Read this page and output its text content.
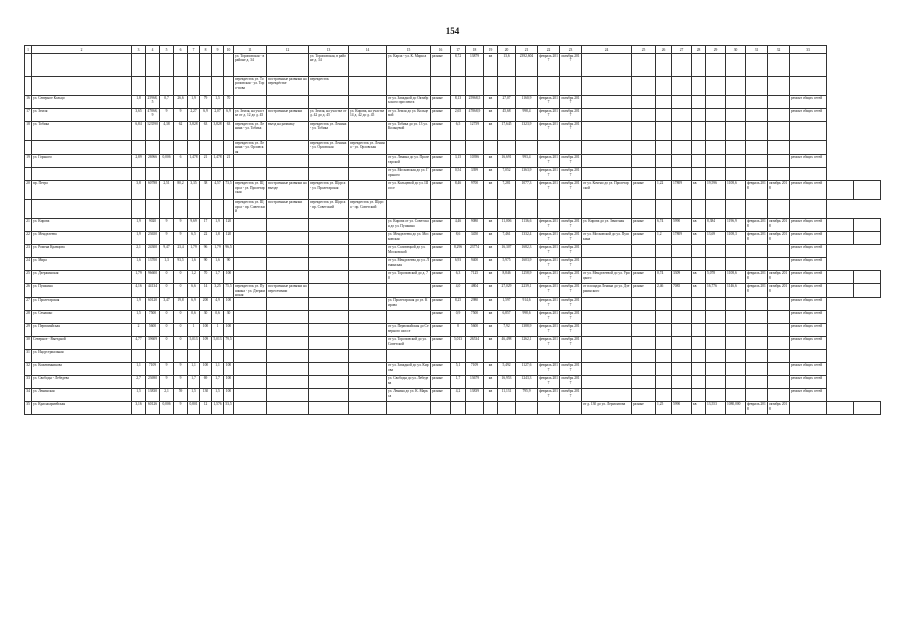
154
1	2	3	4	5	6	7	8	9	10	11	12	13	14	15	16	17	18	19	20	21	22	23	24	25	26	27	28	29	30	31	32	33		
										ул. Тороповская - в районе д. 34		ул. Тороповская, в районе д. 34		ул. Карла - ул. К. Маркса	разные	8,72	13879	кв	13,6	2392,604	февраль 2017	октябрь 2017												
										перекресток ул. Тороповская - ул. Тоpо-пова	построенные развязки на перекрёстке	перекресток																						
16	ул. Северное Кольцо	1,8	25968,5	0,7	26,6	1,9	79	1,5	70					от ул. Западной до Октябрьского проспекта	разные	8,13	25968,5	кв	27,07	1160,9	февраль 2017	октябрь 2017										ремонт общих сетей		
17	ул. Земля	3,65	47868,9	9	9	2,27	6,9	2,07	6,9	ул. Земля, на участке от д. 12 до д. 45	построенные развязки	ул. Земля, на участке от д. 42 до д. 45	ул. Кирова, на участке 14 д. 42 до д. 45	от ул. Земля до ул. Кольцевой	разные	2,65	47868,9	кв	45,68	998,4	февраль 2017	октябрь 2017										ремонт общих сетей		
18	ул. Тобика	6,84	123590	4,38	62	3,828	63	3,828	63	перекресток ул. Ленина - ул. Тобика	въезд на развязку	перекресток ул. Ленина - ул. Тобика		от ул. Тобика до ул. 13 ул. Кольцевой	разные	6,5	12759	кв	17,645	1323,9	февраль 2017	октябрь 2017												
										перекресток ул. Ленина - ул. Орловская		перекресток ул. Ленина - ул. Орловская	перекресток ул. Ленина - ул. Орловская																					
19	ул. Горького	2,89	26966	0,006	6	1,478	21	1,478	21					от ул. Ленина до ул. Пролетарской	разные	3,15	10396	кв	16,691	993,4	февраль 2017	октябрь 2017										ремонт общих сетей		
														от ул. Московская до ул. Горького	разные	0,54	3399	кв	7,052	1363,9	февраль 2017	октябрь 2017												
20	пр. Петра	3,8	60788	2,51	80,2	3,35	38	4,57	73,5	перекресток ул. Щорса - ул. Пролетарская	построенные развязки на въезде	перекресток ул. Щорса - ул. Пролетарская		от ул. Кольцевой до ул. Шоссе	разные	8,46	9700	кв	7,281	1077,3	февраль 2017	октябрь 2017	от ул. Кочено до ул. Пролетарской	разные	1,22	17809	кв	19,596	1108,6	февраль 2018	октябрь 2018	ремонт общих сетей		
										перекресток ул. Щорса - пр. Советский	построенные развязки	перекресток ул. Щорса - пр. Советский	перекресток ул. Щорса - пр. Советский																					
21	ул. Кирова	1,9	9020	9	9	9,69	17	1,9	120					ул. Кирова от ул. Советская до ул. Пушкина	разные	4,46	9080	кв	11,006	1136,6	февраль 2017	октябрь 2017	ул. Кирова до ул. Зенитная	разные	6,74	5990	кв	8,384	1196,9	февраль 2018	октябрь 2018	ремонт общих сетей		
22	ул. Менделеева	1,9	23650	9	9	6,5	22	1,8	120					ул. Менделеева до ул. Московская	разные	8,6	3450	кв	7,461	1332,4	февраль 2017	октябрь 2017	от ул. Московской до ул. Пушкина	разные	1,2	17809	кв	13,69	1108,3	февраль 2018	октябрь 2018	ремонт общих сетей		
23	ул. Ромена Кравцова	2,1	24300	9,47	23,4	1,79	96	1,79	96,5					от ул. Соловецкой до ул. Московской	разные	8,296	23774	кв	16,307	1682,3	февраль 2017	октябрь 2017										ремонт общих сетей		
24	ул. Мира	1,6	13700	1,3	93,5	1,6	90	1,6	90					от ул. Менделеева до ул. Ленинская	разные	6,93	9400	кв	5,975	1603,9	февраль 2017	октябрь 2017										ремонт общих сетей		
25	ул. Дзержинская	1,79	96600	0	0	1,2	70	1,7	100					от ул. Тороповской до д. 70	разные	6,3	7125	кв	8,846	1258,9	февраль 2017	октябрь 2017	от ул. Менделеевой до ул. Урицкого	разные	0,74	3309	кв	5,078	1108,6	февраль 2018	октябрь 2018	ремонт общих сетей		
26	ул. Пушкина	4,16	44134	0	0	6,6	14	3,25	75,5	перекресток ул. Пушкина - ул. Дзержинская	построенные развязки на пересечении				разные	4,0	4804	кв	27,029	2239,1	февраль 2017	октябрь 2017	от площади Ленина до ул. Дзержинского	разные	2,46	7085	кв	16,776	1146,6	февраль 2018	октябрь 2018	ремонт общих сетей		
27	ул. Пролетарская	1,9	60120	3,47	19,8	6,9	200	4,9	100					ул. Пролетарская до ул. Кирова	разные	8,25	2980	кв	1,597	914,6	февраль 2017	октябрь 2017										ремонт общих сетей		
28	ул. Семашко	1,5	7500	0	0	0,6	30	0,6	30						разные	0,9	7500	кв	6,857	998,6	февраль 2017	октябрь 2017										ремонт общих сетей		
29	ул. Первомайская	2	5600	0	0	1	100	1	100					от ул. Первомайская до Северного шоссе	разные	8	5600	кв	7,92	1388,9	февраль 2017	октябрь 2017										ремонт общих сетей		
30	Северное - Выездной	4,77	39609	0	0	5,013	109	5,013	79,5					от ул. Тороповской до ул. Советской	разные	5,013	26534	кв	46,498	1262,1	февраль 2017	октябрь 2017										ремонт общих сетей		
31	ул. Индустриальная																																	
32	ул. Кожевенникова	1,1	7109	9	9	1,1	100	1,1	100					от ул. Западной до ул. Кирова	разные	5,1	7109	кв	5,492	1127,6	февраль 2017	октябрь 2017										ремонт общих сетей		
33	ул. Свободы - Лебедева	2,7	23690	9	9	1,7	69	1,7	100					ул. Свободы до ул. Лебедева	разные	1,7	13679	кв	16,953	1243,3	февраль 2017	октябрь 2017										ремонт общих сетей		
34	ул. Ленинская	1,5	13830	2,1	59	1,5	130	1,5	100					ул. Ленина до ул. К. Маркса	разные	4,2	13839	кв	11,131	795,9	февраль 2017	октябрь 2017										ремонт общих сетей		
35	ул. Красноармейская	3,16	60126	0,006	9	0,801	12	1,576	53,5														от д. 130 до ул. Лермонтова	разные	1,25	5990	кв	13,553	1080,000	февраль 2018	октябрь 2018			
